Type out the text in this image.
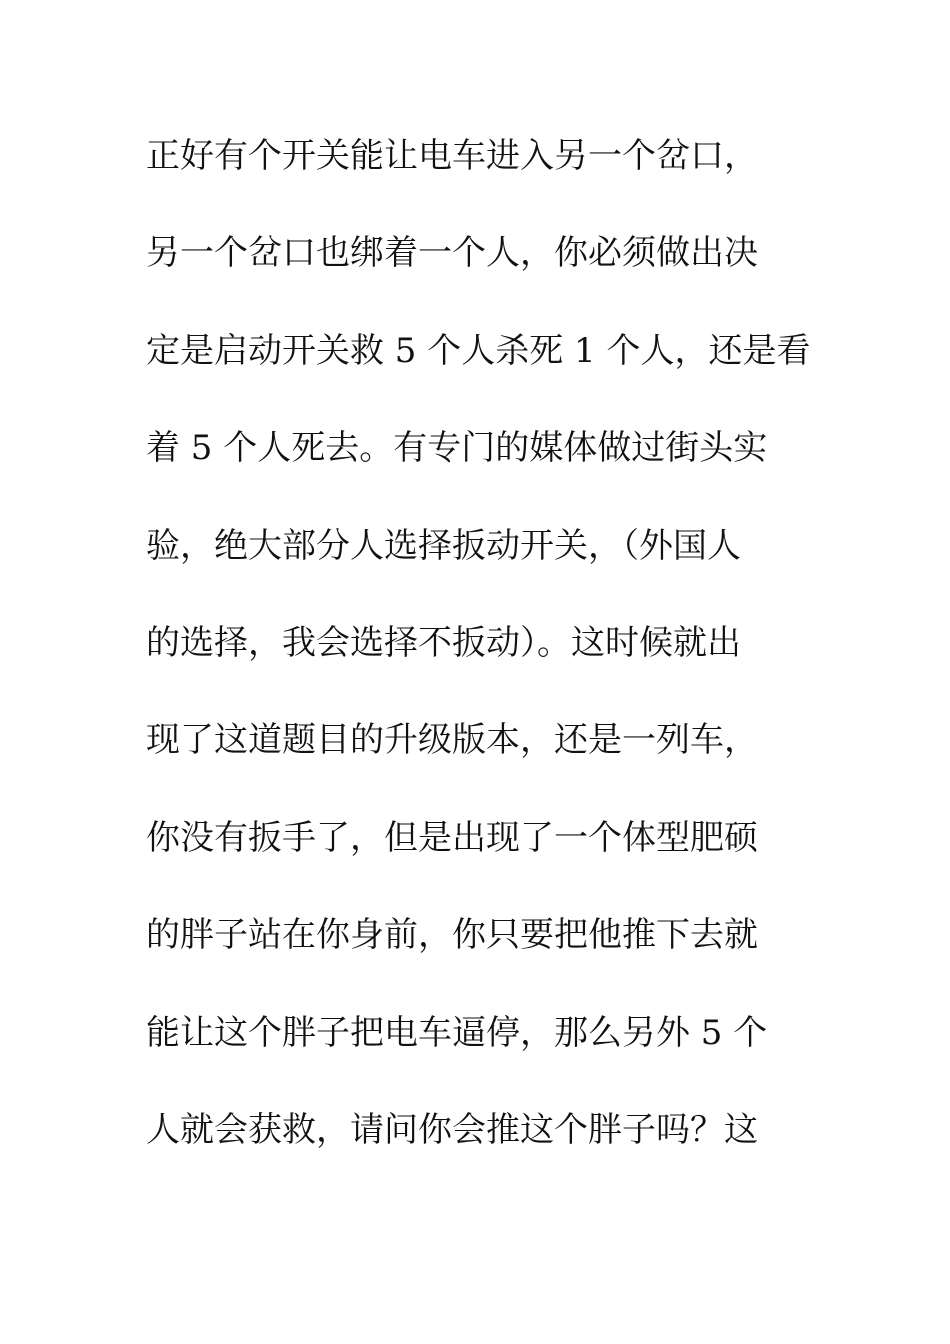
正好有个开关能让电车进入另一个岔口，
另一个岔口也绑着一个人，你必须做出决
定是启动开关救 5 个人杀死 1 个人，还是看
着 5 个人死去。有专门的媒体做过街头实
验，绝大部分人选择扳动开关，（外国人
的选择，我会选择不扳动）。这时候就出
现了这道题目的升级版本，还是一列车，
你没有扳手了，但是出现了一个体型肥硕
的胖子站在你身前，你只要把他推下去就
能让这个胖子把电车逼停，那么另外 5 个
人就会获救，请问你会推这个胖子吗？这
